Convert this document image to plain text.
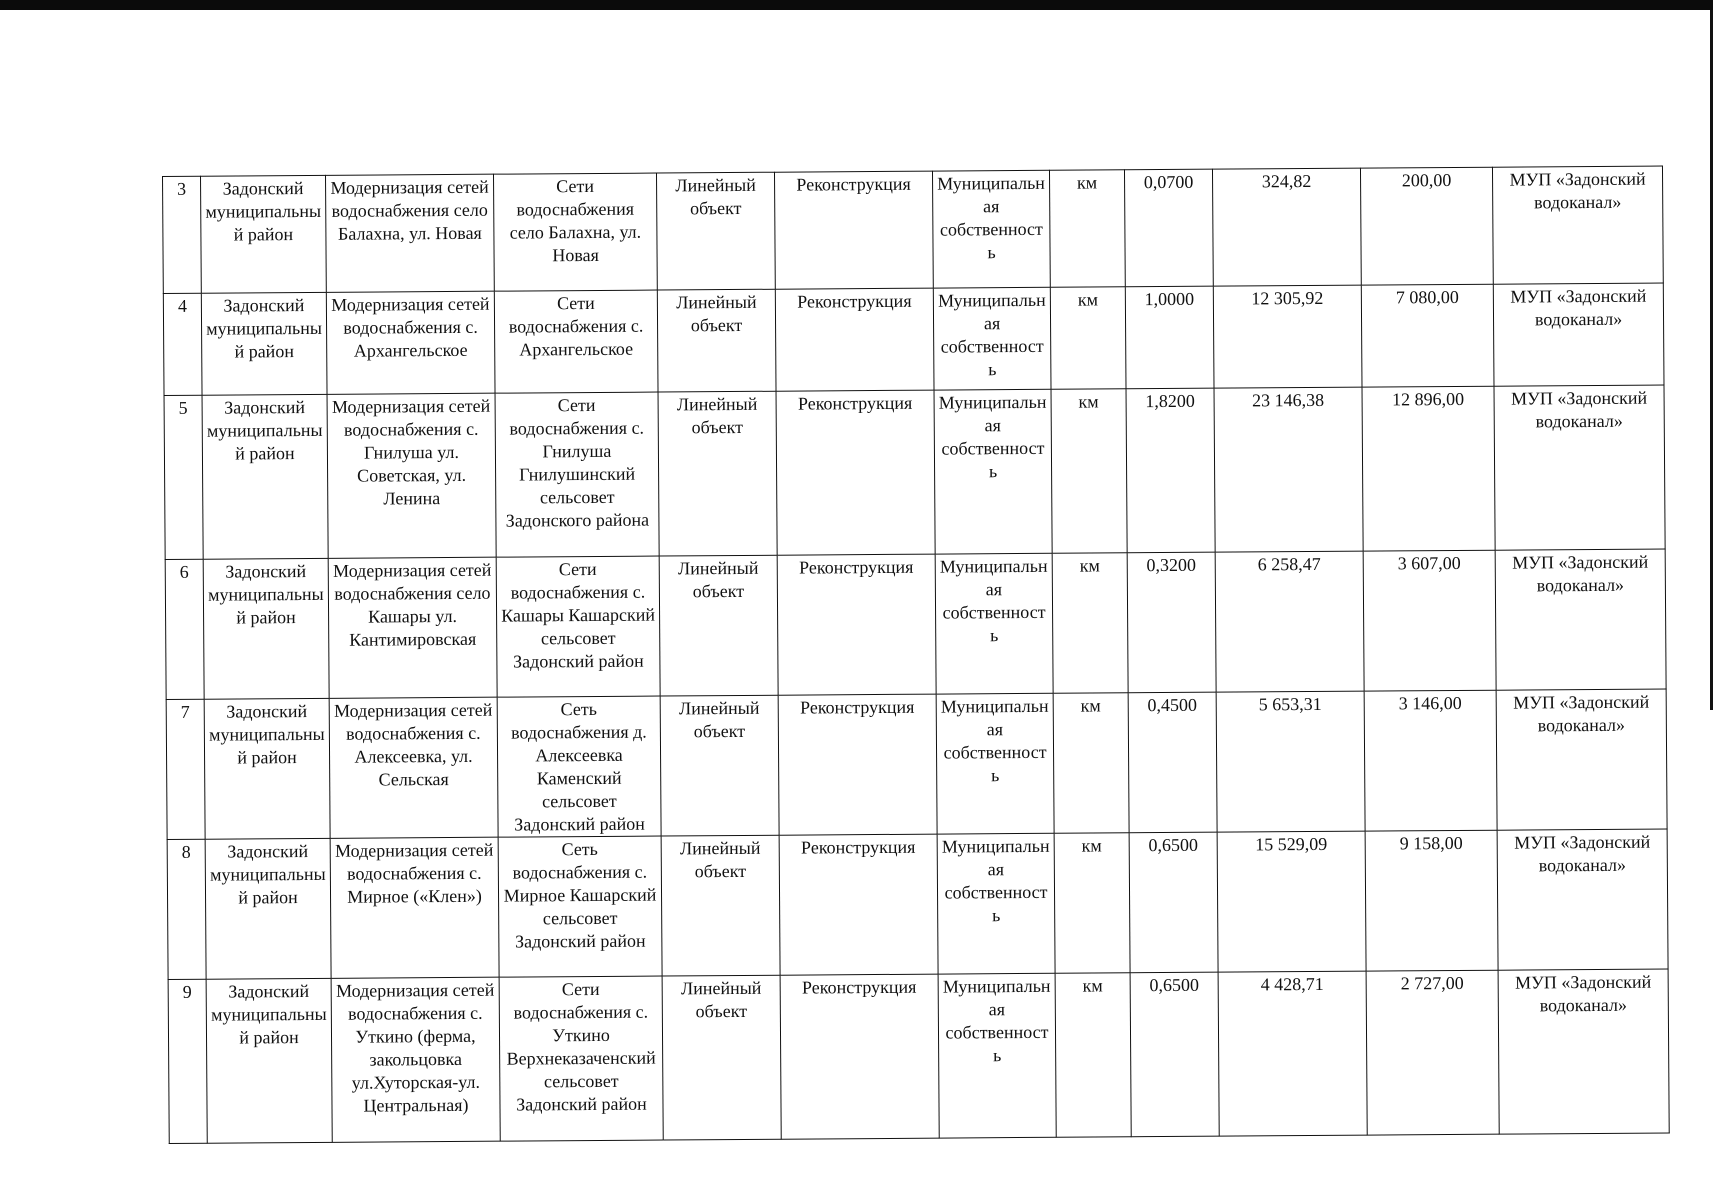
3	Задонский муниципальный район	Модернизация сетей водоснабжения село Балахна, ул. Новая	Сети водоснабжения село Балахна, ул. Новая	Линейный объект	Реконструкция	Муниципальная собственность	км	0,0700	324,82	200,00	МУП «Задонский водоканал»
4	Задонский муниципальный район	Модернизация сетей водоснабжения с. Архангельское	Сети водоснабжения с. Архангельское	Линейный объект	Реконструкция	Муниципальная собственность	км	1,0000	12 305,92	7 080,00	МУП «Задонский водоканал»
5	Задонский муниципальный район	Модернизация сетей водоснабжения с. Гнилуша ул. Советская, ул. Ленина	Сети водоснабжения с. Гнилуша Гнилушинский сельсовет Задонского района	Линейный объект	Реконструкция	Муниципальная собственность	км	1,8200	23 146,38	12 896,00	МУП «Задонский водоканал»
6	Задонский муниципальный район	Модернизация сетей водоснабжения село Кашары ул. Кантимировская	Сети водоснабжения с. Кашары Кашарский сельсовет Задонский район	Линейный объект	Реконструкция	Муниципальная собственность	км	0,3200	6 258,47	3 607,00	МУП «Задонский водоканал»
7	Задонский муниципальный район	Модернизация сетей водоснабжения с. Алексеевка, ул. Сельская	Сеть водоснабжения д. Алексеевка Каменский сельсовет Задонский район	Линейный объект	Реконструкция	Муниципальная собственность	км	0,4500	5 653,31	3 146,00	МУП «Задонский водоканал»
8	Задонский муниципальный район	Модернизация сетей водоснабжения с. Мирное («Клен»)	Сеть водоснабжения с. Мирное Кашарский сельсовет Задонский район	Линейный объект	Реконструкция	Муниципальная собственность	км	0,6500	15 529,09	9 158,00	МУП «Задонский водоканал»
9	Задонский муниципальный район	Модернизация сетей водоснабжения с. Уткино (ферма, закольцовка ул.Хуторская-ул. Центральная)	Сети водоснабжения с. Уткино Верхнеказаченский сельсовет Задонский район	Линейный объект	Реконструкция	Муниципальная собственность	км	0,6500	4 428,71	2 727,00	МУП «Задонский водоканал»
